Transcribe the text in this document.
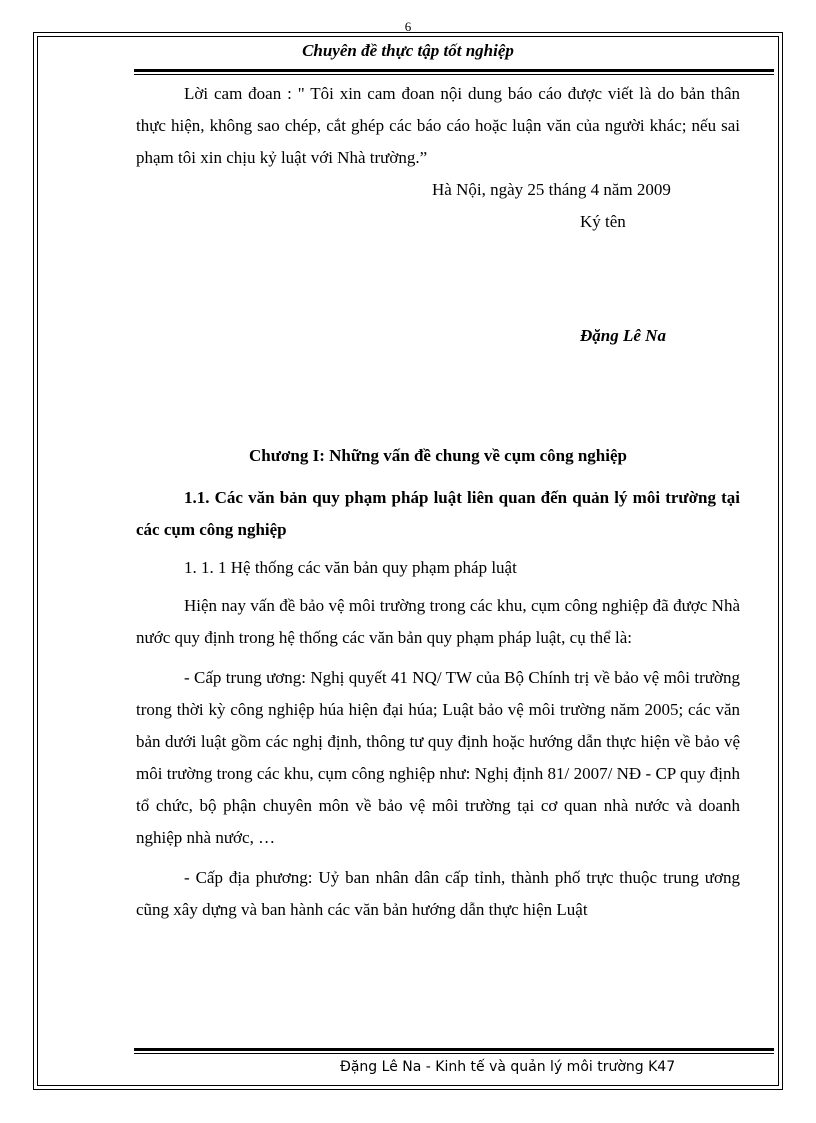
6
Chuyên đề thực tập tốt nghiệp

Lời cam đoan : " Tôi xin cam đoan nội dung báo cáo được viết là do bản thân thực hiện, không sao chép, cắt ghép các báo cáo hoặc luận văn của người khác; nếu sai phạm tôi xin chịu kỷ luật với Nhà trường.”

Hà Nội, ngày 25 tháng 4 năm 2009

Ký tên

Đặng Lê Na

Chương I: Những vấn đề chung về cụm công nghiệp

1.1. Các văn bản quy phạm pháp luật liên quan đến quản lý môi trường tại các cụm công nghiệp

1. 1. 1 Hệ thống các văn bản quy phạm pháp luật

Hiện nay vấn đề bảo vệ môi trường trong các khu, cụm công nghiệp đã được Nhà nước quy định trong hệ thống các văn bản quy phạm pháp luật, cụ thể là:

- Cấp trung ương: Nghị quyết 41 NQ/ TW của Bộ Chính trị về bảo vệ môi trường trong thời kỳ công nghiệp húa hiện đại húa; Luật bảo vệ môi trường năm 2005; các văn bản dưới luật gồm các nghị định, thông tư quy định hoặc hướng dẫn thực hiện về bảo vệ môi trường trong các khu, cụm công nghiệp như: Nghị định 81/ 2007/ NĐ - CP quy định tổ chức, bộ phận chuyên môn về bảo vệ môi trường tại cơ quan nhà nước và doanh nghiệp nhà nước, …

- Cấp địa phương: Uỷ ban nhân dân cấp tỉnh, thành phố trực thuộc trung ương cũng xây dựng và ban hành các văn bản hướng dẫn thực hiện Luật

Đặng Lê Na - Kinh tế và quản lý môi trường K47
